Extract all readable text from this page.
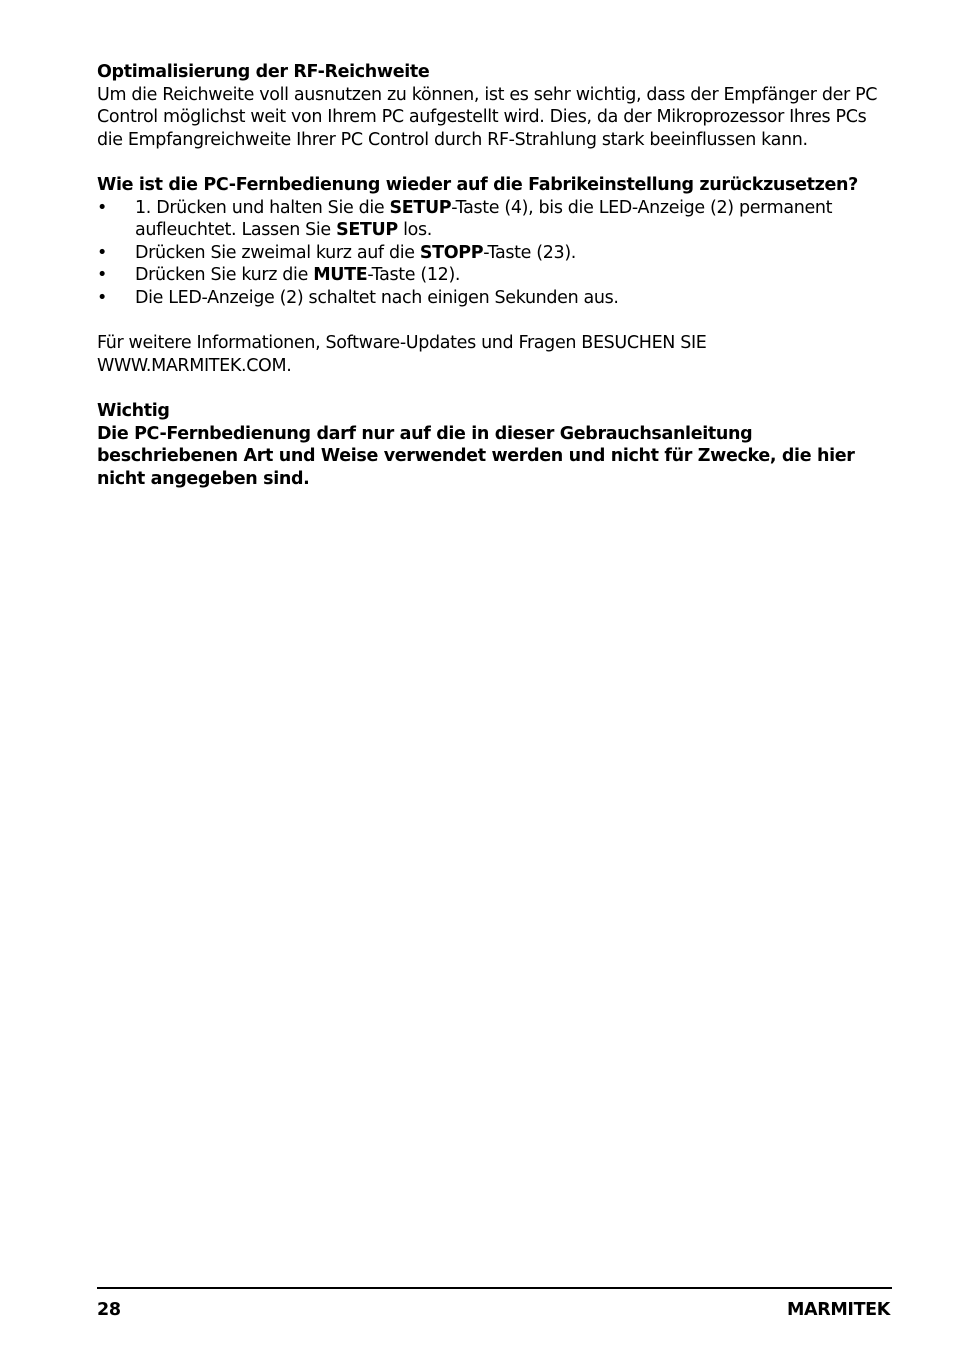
Optimalisierung der RF-Reichweite

Um die Reichweite voll ausnutzen zu können, ist es sehr wichtig, dass der Empfänger der PC Control möglichst weit von Ihrem PC aufgestellt wird. Dies, da der Mikroprozessor Ihres PCs die Empfangreichweite Ihrer PC Control durch RF-Strahlung stark beeinflussen kann.

Wie ist die PC-Fernbedienung wieder auf die Fabrikeinstellung zurückzusetzen?

• 1. Drücken und halten Sie die SETUP-Taste (4), bis die LED-Anzeige (2) permanent aufleuchtet. Lassen Sie SETUP los.
• Drücken Sie zweimal kurz auf die STOPP-Taste (23).
• Drücken Sie kurz die MUTE-Taste (12).
• Die LED-Anzeige (2) schaltet nach einigen Sekunden aus.

Für weitere Informationen, Software-Updates und Fragen BESUCHEN SIE

WWW.MARMITEK.COM.

Wichtig

Die PC-Fernbedienung darf nur auf die in dieser Gebrauchsanleitung beschriebenen Art und Weise verwendet werden und nicht für Zwecke, die hier nicht angegeben sind.

28	MARMITEK
